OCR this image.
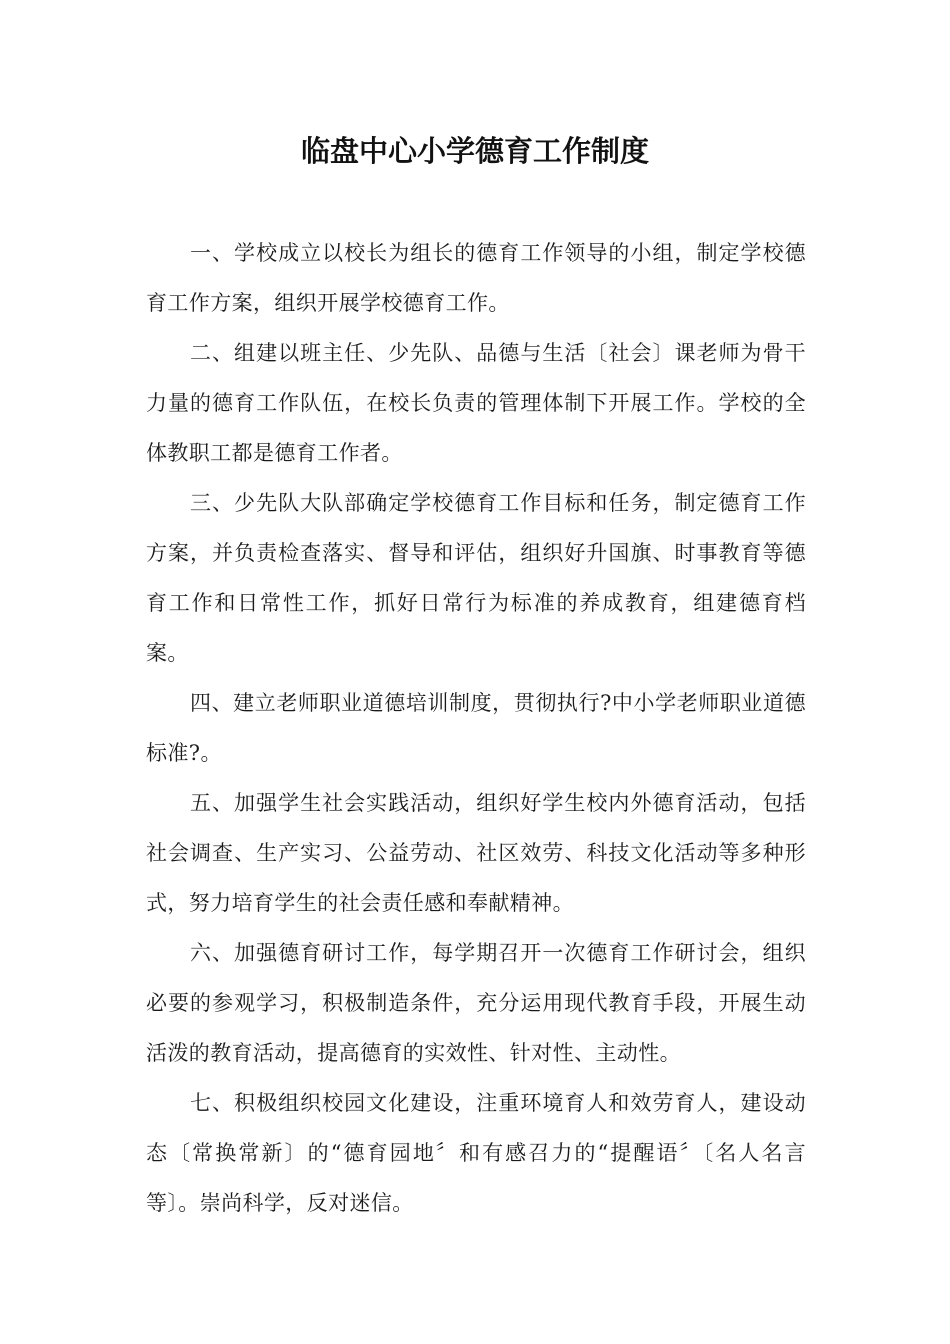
临盘中心小学德育工作制度

一、学校成立以校长为组长的德育工作领导的小组，制定学校德育工作方案，组织开展学校德育工作。

二、组建以班主任、少先队、品德与生活〔社会〕课老师为骨干力量的德育工作队伍，在校长负责的管理体制下开展工作。学校的全体教职工都是德育工作者。

三、少先队大队部确定学校德育工作目标和任务，制定德育工作方案，并负责检查落实、督导和评估，组织好升国旗、时事教育等德育工作和日常性工作，抓好日常行为标准的养成教育，组建德育档案。

四、建立老师职业道德培训制度，贯彻执行?中小学老师职业道德标准?。

五、加强学生社会实践活动，组织好学生校内外德育活动，包括社会调查、生产实习、公益劳动、社区效劳、科技文化活动等多种形式，努力培育学生的社会责任感和奉献精神。

六、加强德育研讨工作，每学期召开一次德育工作研讨会，组织必要的参观学习，积极制造条件，充分运用现代教育手段，开展生动活泼的教育活动，提高德育的实效性、针对性、主动性。

七、积极组织校园文化建设，注重环境育人和效劳育人，建设动态〔常换常新〕的“德育园地〞和有感召力的“提醒语〞〔名人名言等〕。崇尚科学，反对迷信。
